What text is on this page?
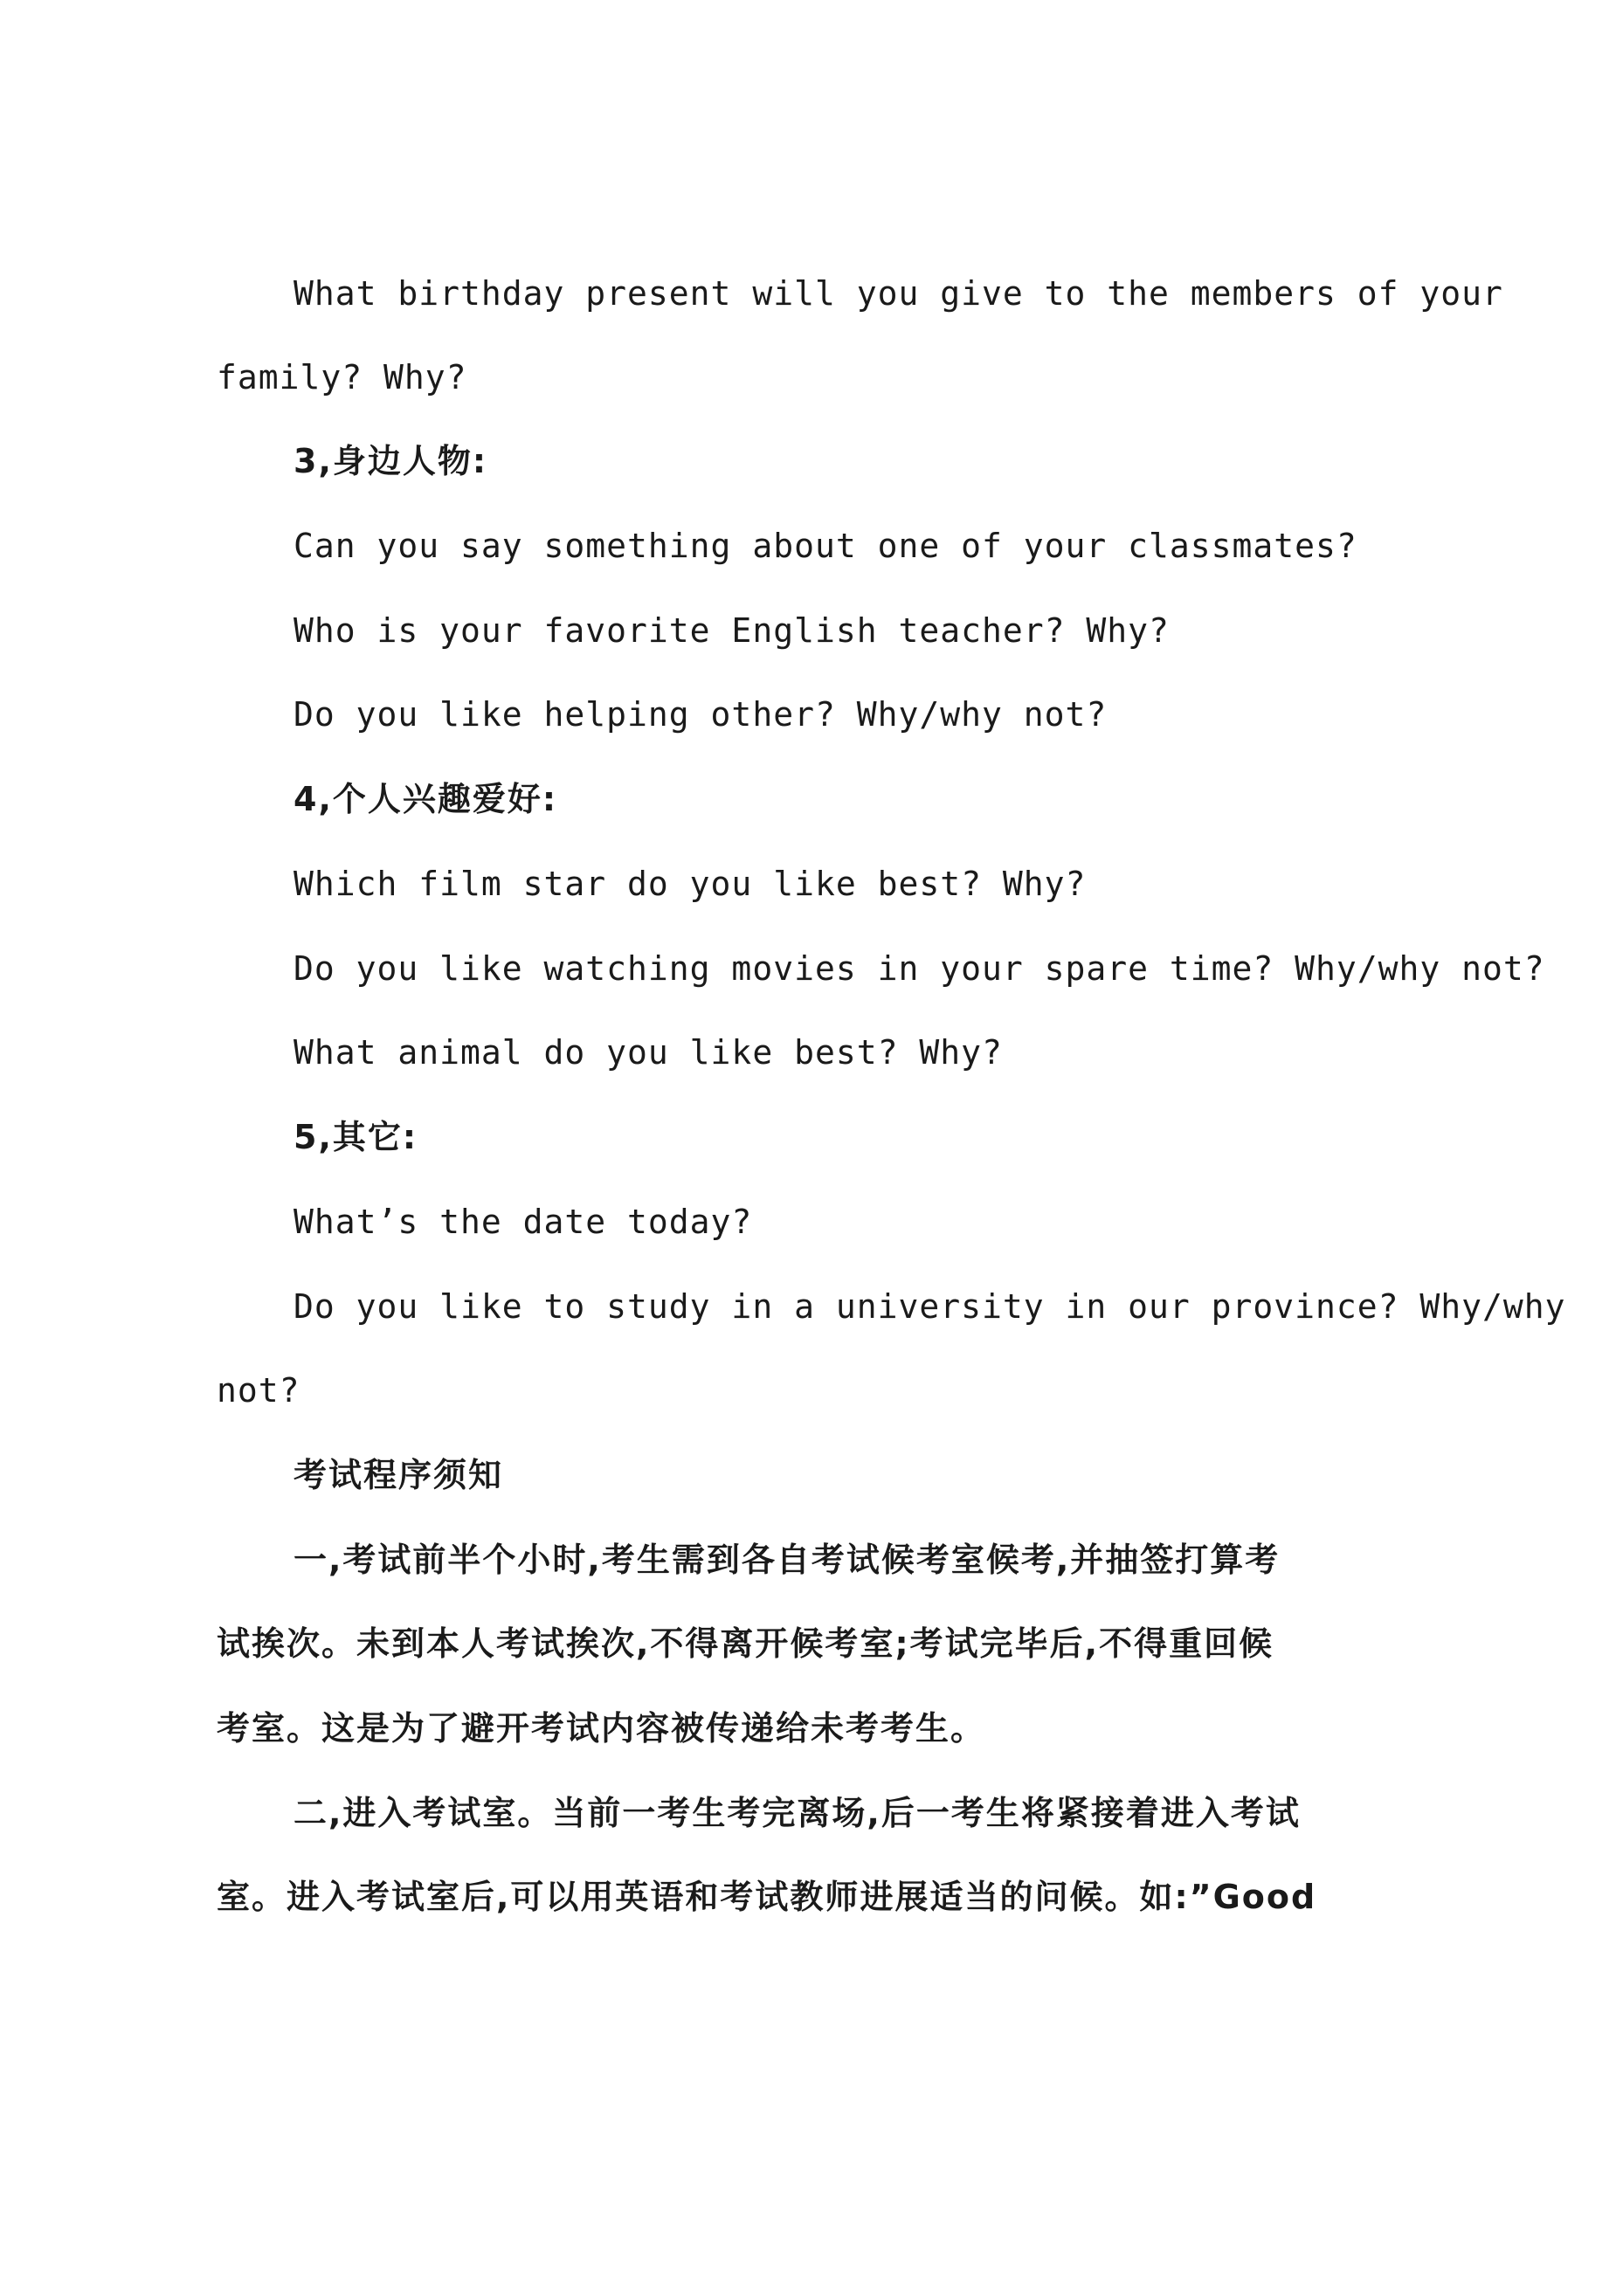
What birthday present will you give to the members of your
family? Why?
3,身边人物:
Can you say something about one of your classmates?
Who is your favorite English teacher? Why?
Do you like helping other? Why/why not?
4,个人兴趣爱好:
Which film star do you like best? Why?
Do you like watching movies in your spare time? Why/why not?
What animal do you like best? Why?
5,其它:
What’s the date today?
Do you like to study in a university in our province? Why/why
not?
考试程序须知
一,考试前半个小时,考生需到各自考试候考室候考,并抽签打算考
试挨次。未到本人考试挨次,不得离开候考室;考试完毕后,不得重回候
考室。这是为了避开考试内容被传递给未考考生。
二,进入考试室。当前一考生考完离场,后一考生将紧接着进入考试
室。进入考试室后,可以用英语和考试教师进展适当的问候。如:”Good
